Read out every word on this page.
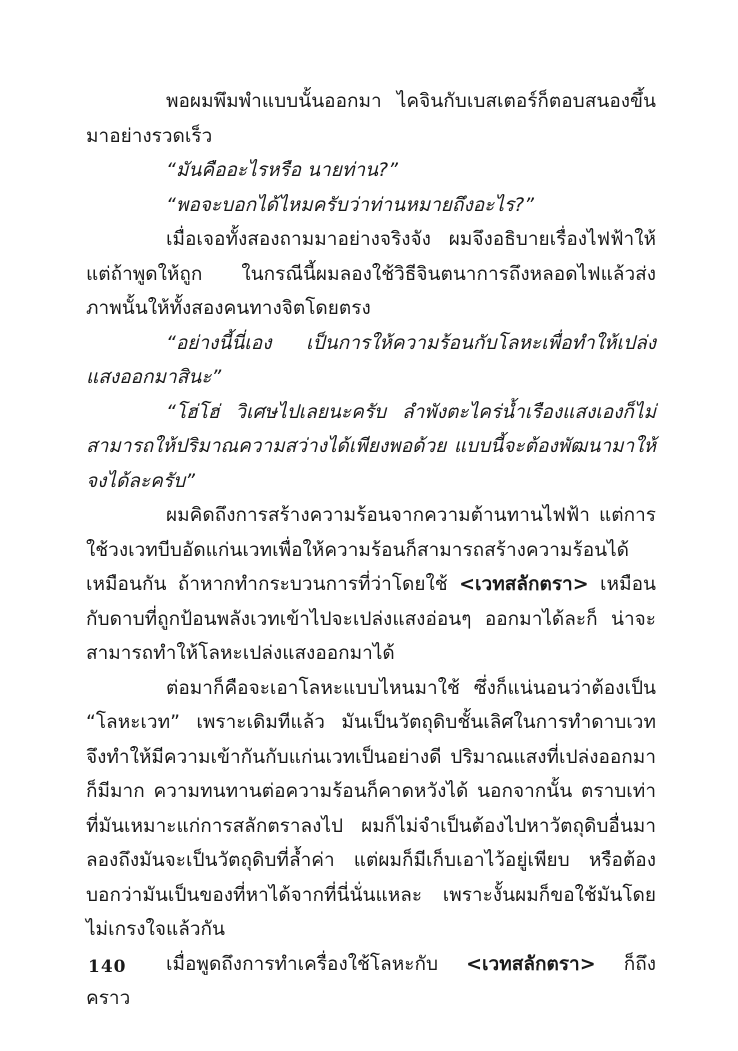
พอผมพึมพำแบบนั้นออกมา ไคจินกับเบสเตอร์ก็ตอบสนองขึ้นมาอย่างรวดเร็ว

“มันคืออะไรหรือ นายท่าน?”

“พอจะบอกได้ไหมครับว่าท่านหมายถึงอะไร?”

เมื่อเจอทั้งสองถามมาอย่างจริงจัง ผมจึงอธิบายเรื่องไฟฟ้าให้แต่ถ้าพูดให้ถูก ในกรณีนี้ผมลองใช้วิธีจินตนาการถึงหลอดไฟแล้วส่งภาพนั้นให้ทั้งสองคนทางจิตโดยตรง

“อย่างนี้นี่เอง เป็นการให้ความร้อนกับโลหะเพื่อทำให้เปล่งแสงออกมาสินะ”

“โฮ่โฮ่ วิเศษไปเลยนะครับ ลำพังตะไคร่น้ำเรืองแสงเองก็ไม่สามารถให้ปริมาณความสว่างได้เพียงพอด้วย แบบนี้จะต้องพัฒนามาให้จงได้ละครับ”

ผมคิดถึงการสร้างความร้อนจากความต้านทานไฟฟ้า แต่การใช้วงเวทบีบอัดแก่นเวทเพื่อให้ความร้อนก็สามารถสร้างความร้อนได้เหมือนกัน ถ้าหากทำกระบวนการที่ว่าโดยใช้ <เวทสลักตรา> เหมือนกับดาบที่ถูกป้อนพลังเวทเข้าไปจะเปล่งแสงอ่อนๆ ออกมาได้ละก็ น่าจะสามารถทำให้โลหะเปล่งแสงออกมาได้

ต่อมาก็คือจะเอาโลหะแบบไหนมาใช้ ซึ่งก็แน่นอนว่าต้องเป็น “โลหะเวท” เพราะเดิมทีแล้ว มันเป็นวัตถุดิบชั้นเลิศในการทำดาบเวท จึงทำให้มีความเข้ากันกับแก่นเวทเป็นอย่างดี ปริมาณแสงที่เปล่งออกมาก็มีมาก ความทนทานต่อความร้อนก็คาดหวังได้ นอกจากนั้น ตราบเท่าที่มันเหมาะแก่การสลักตราลงไป ผมก็ไม่จำเป็นต้องไปหาวัตถุดิบอื่นมาลองถึงมันจะเป็นวัตถุดิบที่ล้ำค่า แต่ผมก็มีเก็บเอาไว้อยู่เพียบ หรือต้องบอกว่ามันเป็นของที่หาได้จากที่นี่นั่นแหละ เพราะงั้นผมก็ขอใช้มันโดยไม่เกรงใจแล้วกัน

เมื่อพูดถึงการทำเครื่องใช้โลหะกับ <เวทสลักตรา> ก็ถึงคราว

140
